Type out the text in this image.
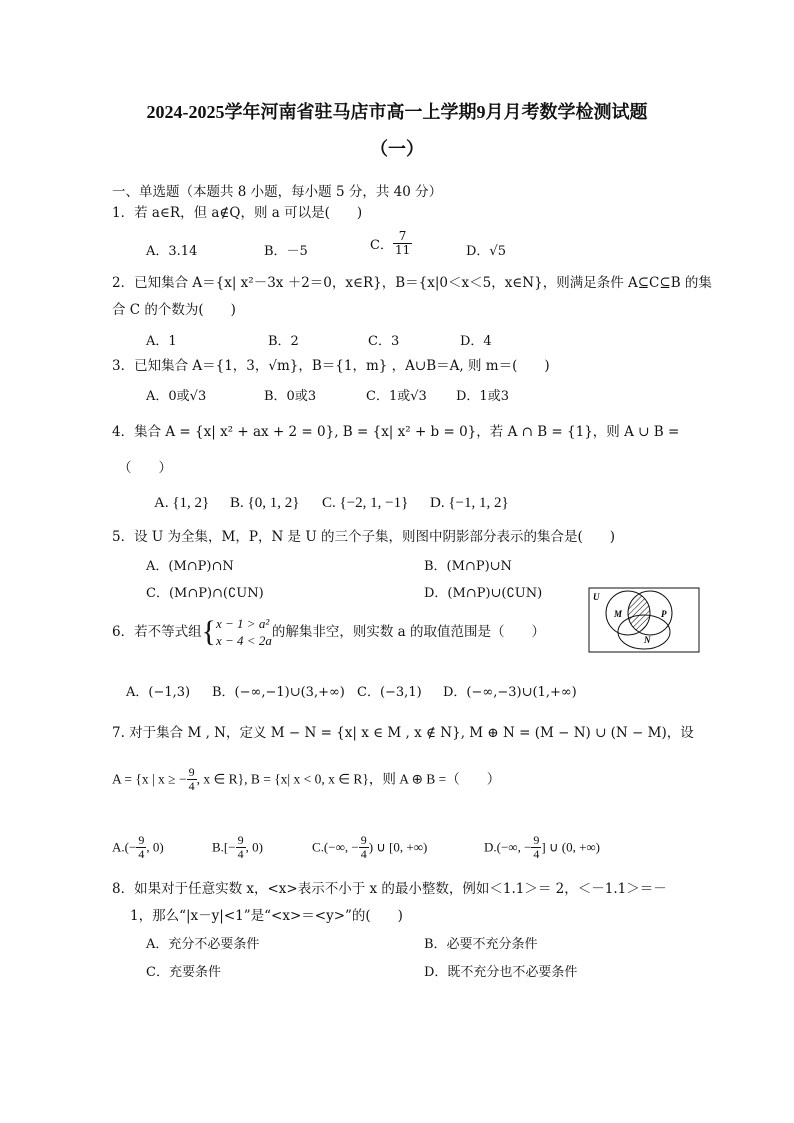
2024-2025学年河南省驻马店市高一上学期9月月考数学检测试题
（一）
一、单选题（本题共 8 小题，每小题 5 分，共 40 分）
1．若 a∈R，但 a∉Q，则 a 可以是(　　)
A．3.14	B．－5	C． $\frac{7}{11}$	D．√5
2．已知集合 A＝{x| x²－3x ＋2＝0，x∈R}，B＝{x|0＜x＜5，x∈N}，则满足条件 A⊆C⊆B 的集
合 C 的个数为(　　)
A．1	B．2	C．3	D．4
3．已知集合 A＝{1，3，√m}，B＝{1，m} ，A∪B＝A, 则 m＝(　　)
A．0或√3	B．0或3	C．1或√3 D．1或3
4．集合 A = {x| x² + ax + 2 = 0}, B = {x| x² + b = 0}，若 A ∩ B = {1}，则 A ∪ B =
（　　）
A. {1, 2} B. {0, 1, 2} C. {−2, 1, −1} D. {−1, 1, 2}
5．设 U 为全集，M，P，N 是 U 的三个子集，则图中阴影部分表示的集合是(　　)
A．(M∩P)∩N	B．(M∩P)∪N
C．(M∩P)∩(∁UN)	D．(M∩P)∪(∁UN)	U
M	P
N
6．若不等式组{ x − 1 > a²
x − 4 < 2a
的解集非空，则实数 a 的取值范围是（　　）
A．(−1,3) B．(−∞,−1)∪(3,+∞) C．(−3,1) D．(−∞,−3)∪(1,+∞)
7. 对于集合 M , N，定义 M − N = {x| x ∈ M , x ∉ N}, M ⊕ N = (M − N) ∪ (N − M)，设
A = {x | x ≥ − $\frac{9}{4}$ , x ∈ R}, B = {x| x < 0, x ∈ R}，则 A ⊕ B =（　　）
$A.(- \frac{9}{4}$ , 0)	$B.[- \frac{9}{4}$ , 0)	C.(−∞, − $\frac{9}{4}$ ) ∪ [0, +∞)	D.(−∞, − $\frac{9}{4}$ ] ∪ (0, +∞)
8．如果对于任意实数 x，<x>表示不小于 x 的最小整数，例如＜1.1＞＝ 2，＜－1.1＞＝－
1，那么“|x－y|<1”是“<x>＝<y>”的(　　)
A．充分不必要条件	B．必要不充分条件
C．充要条件	D．既不充分也不必要条件
